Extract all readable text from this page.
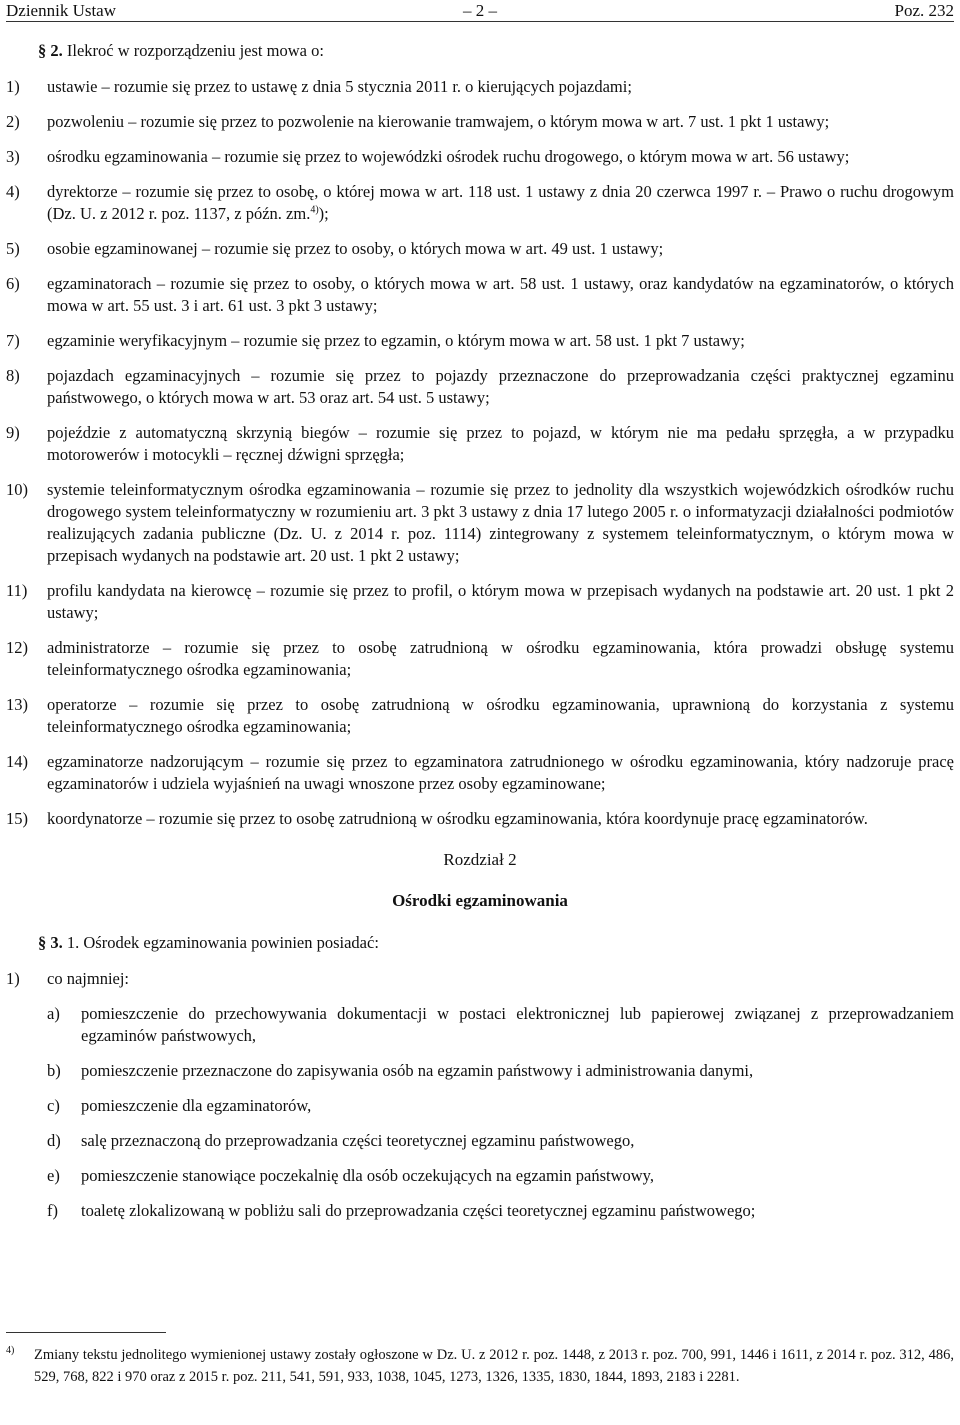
Dziennik Ustaw	– 2 –	Poz. 232

§ 2. Ilekroć w rozporządzeniu jest mowa o:

1)	ustawie – rozumie się przez to ustawę z dnia 5 stycznia 2011 r. o kierujących pojazdami;
2)	pozwoleniu – rozumie się przez to pozwolenie na kierowanie tramwajem, o którym mowa w art. 7 ust. 1 pkt 1 ustawy;
3)	ośrodku egzaminowania – rozumie się przez to wojewódzki ośrodek ruchu drogowego, o którym mowa w art. 56 ustawy;
4)	dyrektorze – rozumie się przez to osobę, o której mowa w art. 118 ust. 1 ustawy z dnia 20 czerwca 1997 r. – Prawo o ruchu drogowym (Dz. U. z 2012 r. poz. 1137, z późn. zm.$^{4)}$);
5)	osobie egzaminowanej – rozumie się przez to osoby, o których mowa w art. 49 ust. 1 ustawy;
6)	egzaminatorach – rozumie się przez to osoby, o których mowa w art. 58 ust. 1 ustawy, oraz kandydatów na egzaminatorów, o których mowa w art. 55 ust. 3 i art. 61 ust. 3 pkt 3 ustawy;
7)	egzaminie weryfikacyjnym – rozumie się przez to egzamin, o którym mowa w art. 58 ust. 1 pkt 7 ustawy;
8)	pojazdach egzaminacyjnych – rozumie się przez to pojazdy przeznaczone do przeprowadzania części praktycznej egzaminu państwowego, o których mowa w art. 53 oraz art. 54 ust. 5 ustawy;
9)	pojeździe z automatyczną skrzynią biegów – rozumie się przez to pojazd, w którym nie ma pedału sprzęgła, a w przypadku motorowerów i motocykli – ręcznej dźwigni sprzęgła;
10)	systemie teleinformatycznym ośrodka egzaminowania – rozumie się przez to jednolity dla wszystkich wojewódzkich ośrodków ruchu drogowego system teleinformatyczny w rozumieniu art. 3 pkt 3 ustawy z dnia 17 lutego 2005 r. o informatyzacji działalności podmiotów realizujących zadania publiczne (Dz. U. z 2014 r. poz. 1114) zintegrowany z systemem teleinformatycznym, o którym mowa w przepisach wydanych na podstawie art. 20 ust. 1 pkt 2 ustawy;
11)	profilu kandydata na kierowcę – rozumie się przez to profil, o którym mowa w przepisach wydanych na podstawie art. 20 ust. 1 pkt 2 ustawy;
12)	administratorze – rozumie się przez to osobę zatrudnioną w ośrodku egzaminowania, która prowadzi obsługę systemu teleinformatycznego ośrodka egzaminowania;
13)	operatorze – rozumie się przez to osobę zatrudnioną w ośrodku egzaminowania, uprawnioną do korzystania z systemu teleinformatycznego ośrodka egzaminowania;
14)	egzaminatorze nadzorującym – rozumie się przez to egzaminatora zatrudnionego w ośrodku egzaminowania, który nadzoruje pracę egzaminatorów i udziela wyjaśnień na uwagi wnoszone przez osoby egzaminowane;
15)	koordynatorze – rozumie się przez to osobę zatrudnioną w ośrodku egzaminowania, która koordynuje pracę egzaminatorów.

Rozdział 2

Ośrodki egzaminowania

§ 3. 1. Ośrodek egzaminowania powinien posiadać:

1)	co najmniej:
a)	pomieszczenie do przechowywania dokumentacji w postaci elektronicznej lub papierowej związanej z przeprowadzaniem egzaminów państwowych,
b)	pomieszczenie przeznaczone do zapisywania osób na egzamin państwowy i administrowania danymi,
c)	pomieszczenie dla egzaminatorów,
d)	salę przeznaczoną do przeprowadzania części teoretycznej egzaminu państwowego,
e)	pomieszczenie stanowiące poczekalnię dla osób oczekujących na egzamin państwowy,
f)	toaletę zlokalizowaną w pobliżu sali do przeprowadzania części teoretycznej egzaminu państwowego;
4)	Zmiany tekstu jednolitego wymienionej ustawy zostały ogłoszone w Dz. U. z 2012 r. poz. 1448, z 2013 r. poz. 700, 991, 1446 i 1611, z 2014 r. poz. 312, 486, 529, 768, 822 i 970 oraz z 2015 r. poz. 211, 541, 591, 933, 1038, 1045, 1273, 1326, 1335, 1830, 1844, 1893, 2183 i 2281.
